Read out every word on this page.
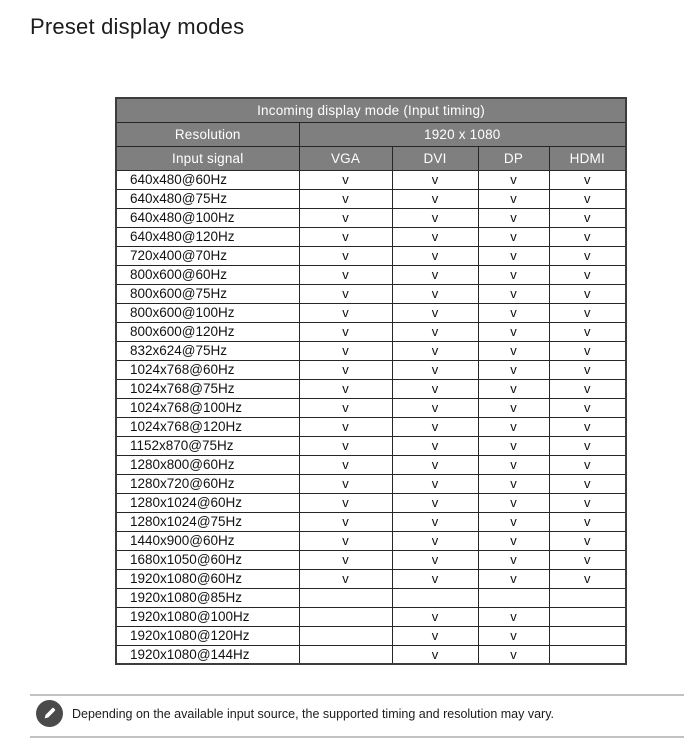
Preset display modes
Incoming display mode (Input timing)				
Resolution	1920 x 1080			
Input signal	VGA	DVI	DP	HDMI
640x480@60Hz	v	v	v	v
640x480@75Hz	v	v	v	v
640x480@100Hz	v	v	v	v
640x480@120Hz	v	v	v	v
720x400@70Hz	v	v	v	v
800x600@60Hz	v	v	v	v
800x600@75Hz	v	v	v	v
800x600@100Hz	v	v	v	v
800x600@120Hz	v	v	v	v
832x624@75Hz	v	v	v	v
1024x768@60Hz	v	v	v	v
1024x768@75Hz	v	v	v	v
1024x768@100Hz	v	v	v	v
1024x768@120Hz	v	v	v	v
1152x870@75Hz	v	v	v	v
1280x800@60Hz	v	v	v	v
1280x720@60Hz	v	v	v	v
1280x1024@60Hz	v	v	v	v
1280x1024@75Hz	v	v	v	v
1440x900@60Hz	v	v	v	v
1680x1050@60Hz	v	v	v	v
1920x1080@60Hz	v	v	v	v
1920x1080@85Hz				
1920x1080@100Hz		v	v	
1920x1080@120Hz		v	v	
1920x1080@144Hz		v	v	
Depending on the available input source, the supported timing and resolution may vary.
